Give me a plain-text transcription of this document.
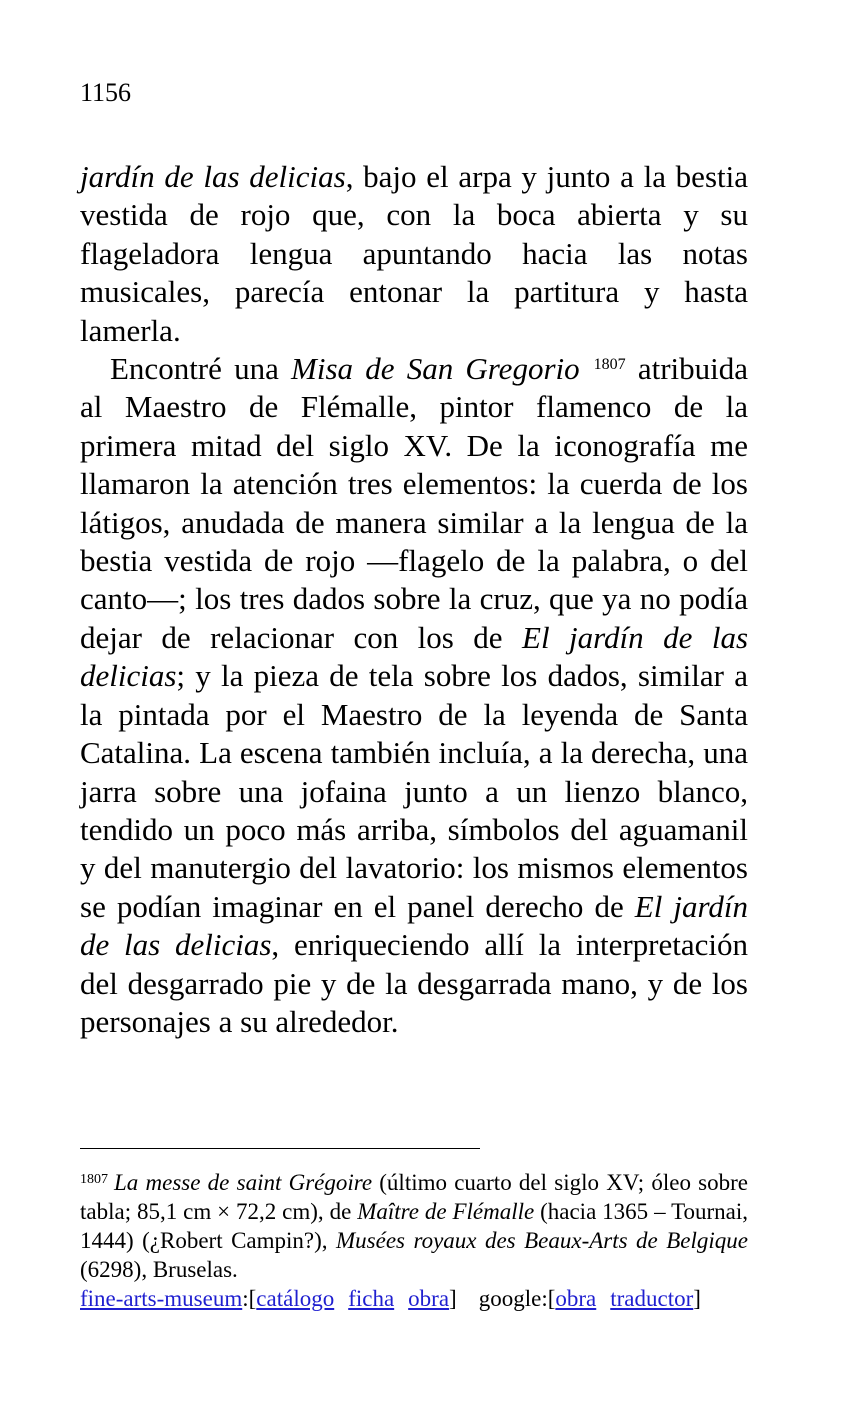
1156

jardín de las delicias, bajo el arpa y junto a la bestia vestida de rojo que, con la boca abierta y su flageladora lengua apuntando hacia las notas musicales, parecía entonar la partitura y hasta lamerla.

Encontré una Misa de San Gregorio $^{1807}$ atribuida al Maestro de Flémalle, pintor flamenco de la primera mitad del siglo XV. De la iconografía me llamaron la atención tres elementos: la cuerda de los látigos, anudada de manera similar a la lengua de la bestia vestida de rojo —flagelo de la palabra, o del canto—; los tres dados sobre la cruz, que ya no podía dejar de relacionar con los de El jardín de las delicias; y la pieza de tela sobre los dados, similar a la pintada por el Maestro de la leyenda de Santa Catalina. La escena también incluía, a la derecha, una jarra sobre una jofaina junto a un lienzo blanco, tendido un poco más arriba, símbolos del aguamanil y del manutergio del lavatorio: los mismos elementos se podían imaginar en el panel derecho de El jardín de las delicias, enriqueciendo allí la interpretación del desgarrado pie y de la desgarrada mano, y de los personajes a su alrededor.

$^{1807}$ La messe de saint Grégoire (último cuarto del siglo XV; óleo sobre tabla; 85,1 cm × 72,2 cm), de Maître de Flémalle (hacia 1365 – Tournai, 1444) (¿Robert Campin?), Musées royaux des Beaux-Arts de Belgique (6298), Bruselas.

fine-arts-museum:[catálogo ficha obra] google:[obra traductor]
